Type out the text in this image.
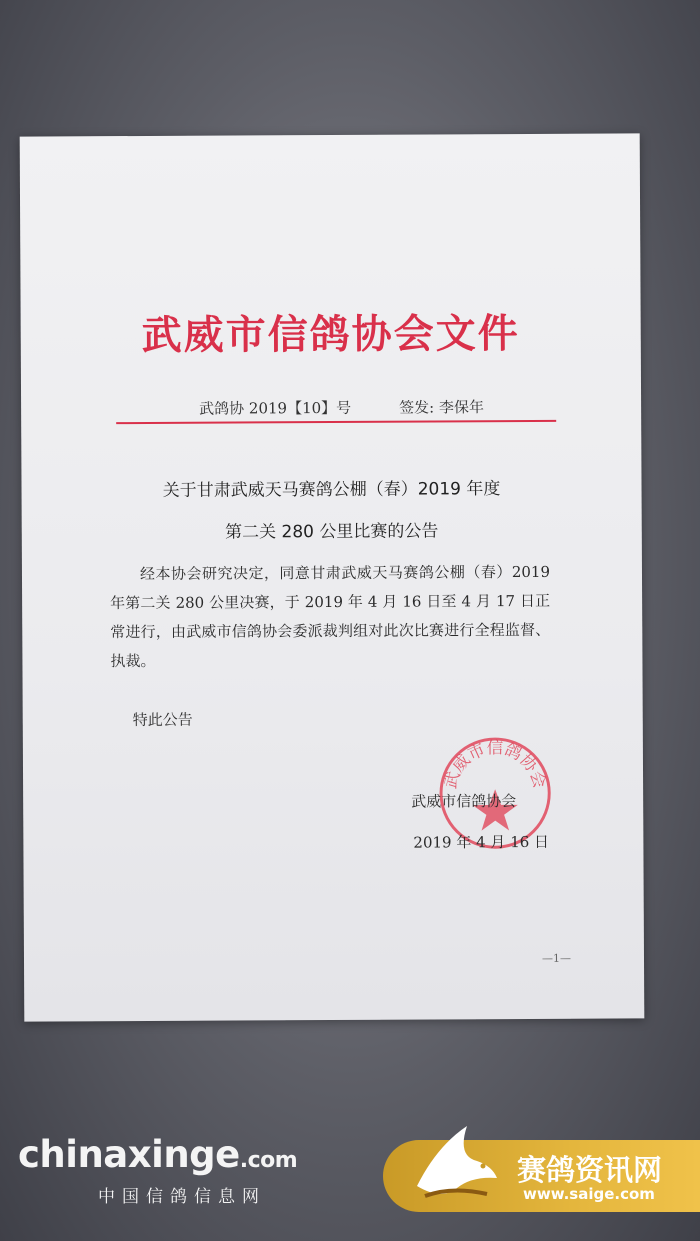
武威市信鸽协会文件
武鸽协 2019【10】号	签发: 李保年
关于甘肃武威天马赛鸽公棚（春）2019 年度
第二关 280 公里比赛的公告
经本协会研究决定，同意甘肃武威天马赛鸽公棚（春）2019 年第二关 280 公里决赛，于 2019 年 4 月 16 日至 4 月 17 日正常进行，由武威市信鸽协会委派裁判组对此次比赛进行全程监督、执裁。
特此公告
武威市信鸽协会
武威市信鸽协会
2019 年 4 月 16 日
—1—
chinaxinge.com
中国信鸽信息网
赛鸽资讯网
www.saige.com
